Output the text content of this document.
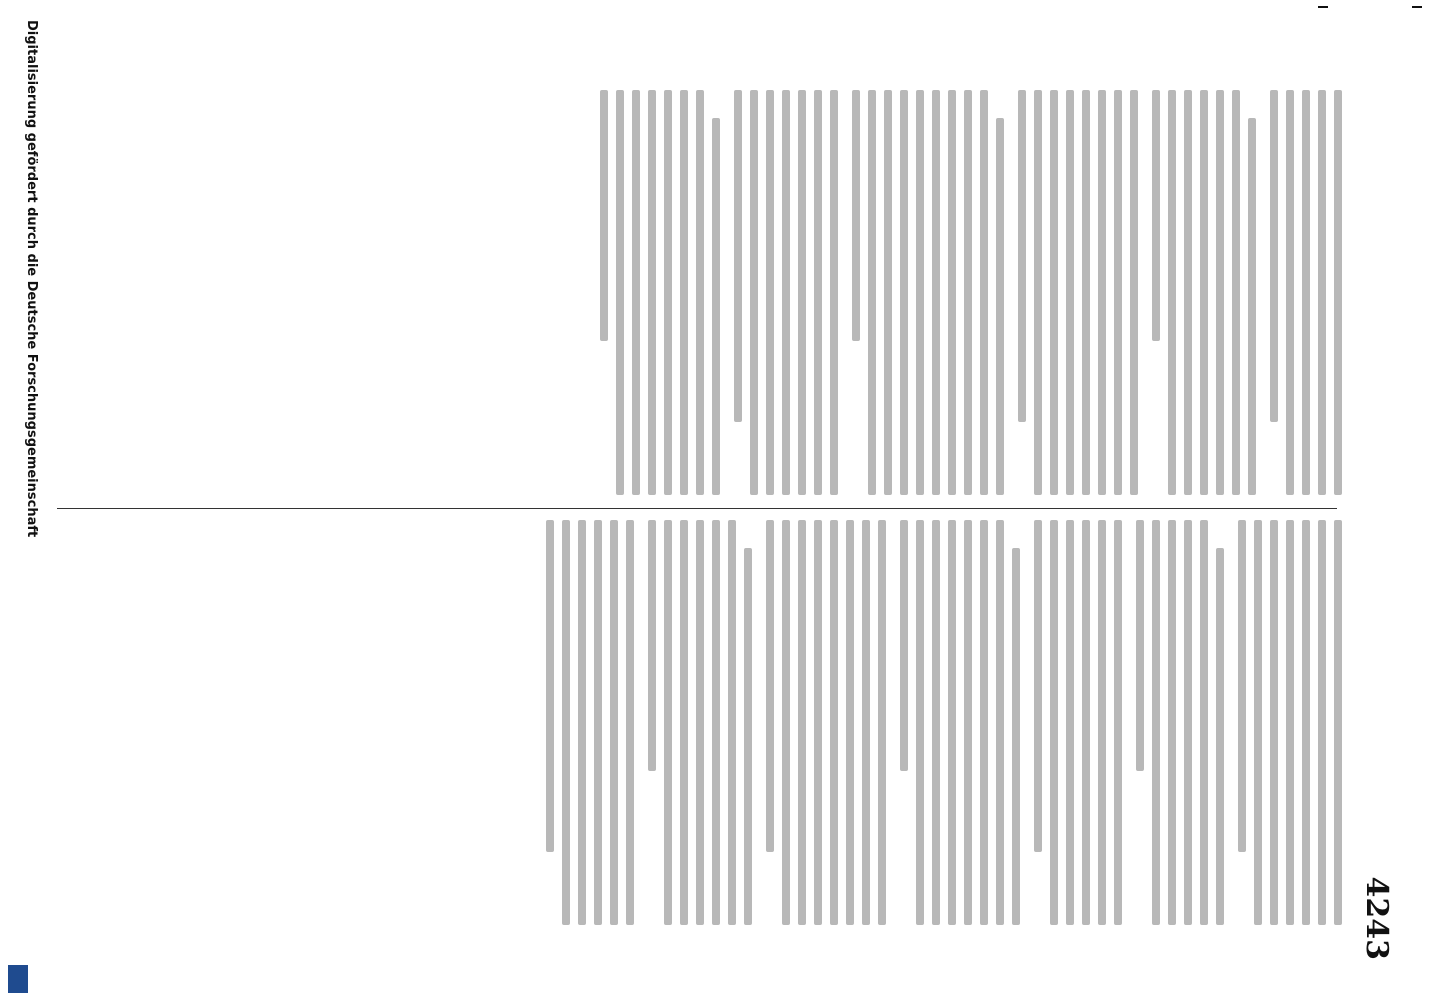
4243
Digitalisierung gefördert durch die Deutsche Forschungsgemeinschaft
